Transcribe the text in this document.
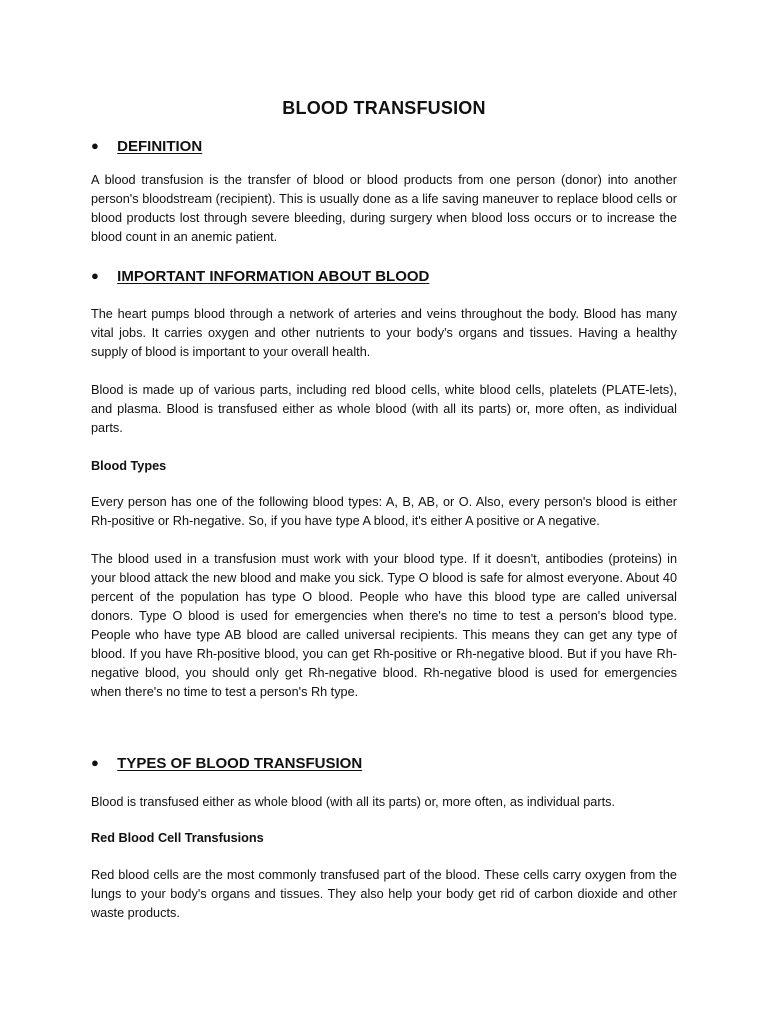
BLOOD TRANSFUSION
● DEFINITION
A blood transfusion is the transfer of blood or blood products from one person (donor) into another person's bloodstream (recipient). This is usually done as a life saving maneuver to replace blood cells or blood products lost through severe bleeding, during surgery when blood loss occurs or to increase the blood count in an anemic patient.
● IMPORTANT INFORMATION ABOUT BLOOD
The heart pumps blood through a network of arteries and veins throughout the body. Blood has many vital jobs. It carries oxygen and other nutrients to your body's organs and tissues. Having a healthy supply of blood is important to your overall health.
Blood is made up of various parts, including red blood cells, white blood cells, platelets (PLATE-lets), and plasma. Blood is transfused either as whole blood (with all its parts) or, more often, as individual parts.
Blood Types
Every person has one of the following blood types: A, B, AB, or O. Also, every person's blood is either Rh-positive or Rh-negative. So, if you have type A blood, it's either A positive or A negative.
The blood used in a transfusion must work with your blood type. If it doesn't, antibodies (proteins) in your blood attack the new blood and make you sick. Type O blood is safe for almost everyone. About 40 percent of the population has type O blood. People who have this blood type are called universal donors. Type O blood is used for emergencies when there's no time to test a person's blood type. People who have type AB blood are called universal recipients. This means they can get any type of blood. If you have Rh-positive blood, you can get Rh-positive or Rh-negative blood. But if you have Rh-negative blood, you should only get Rh-negative blood. Rh-negative blood is used for emergencies when there's no time to test a person's Rh type.
● TYPES OF BLOOD TRANSFUSION
Blood is transfused either as whole blood (with all its parts) or, more often, as individual parts.
Red Blood Cell Transfusions
Red blood cells are the most commonly transfused part of the blood. These cells carry oxygen from the lungs to your body's organs and tissues. They also help your body get rid of carbon dioxide and other waste products.
